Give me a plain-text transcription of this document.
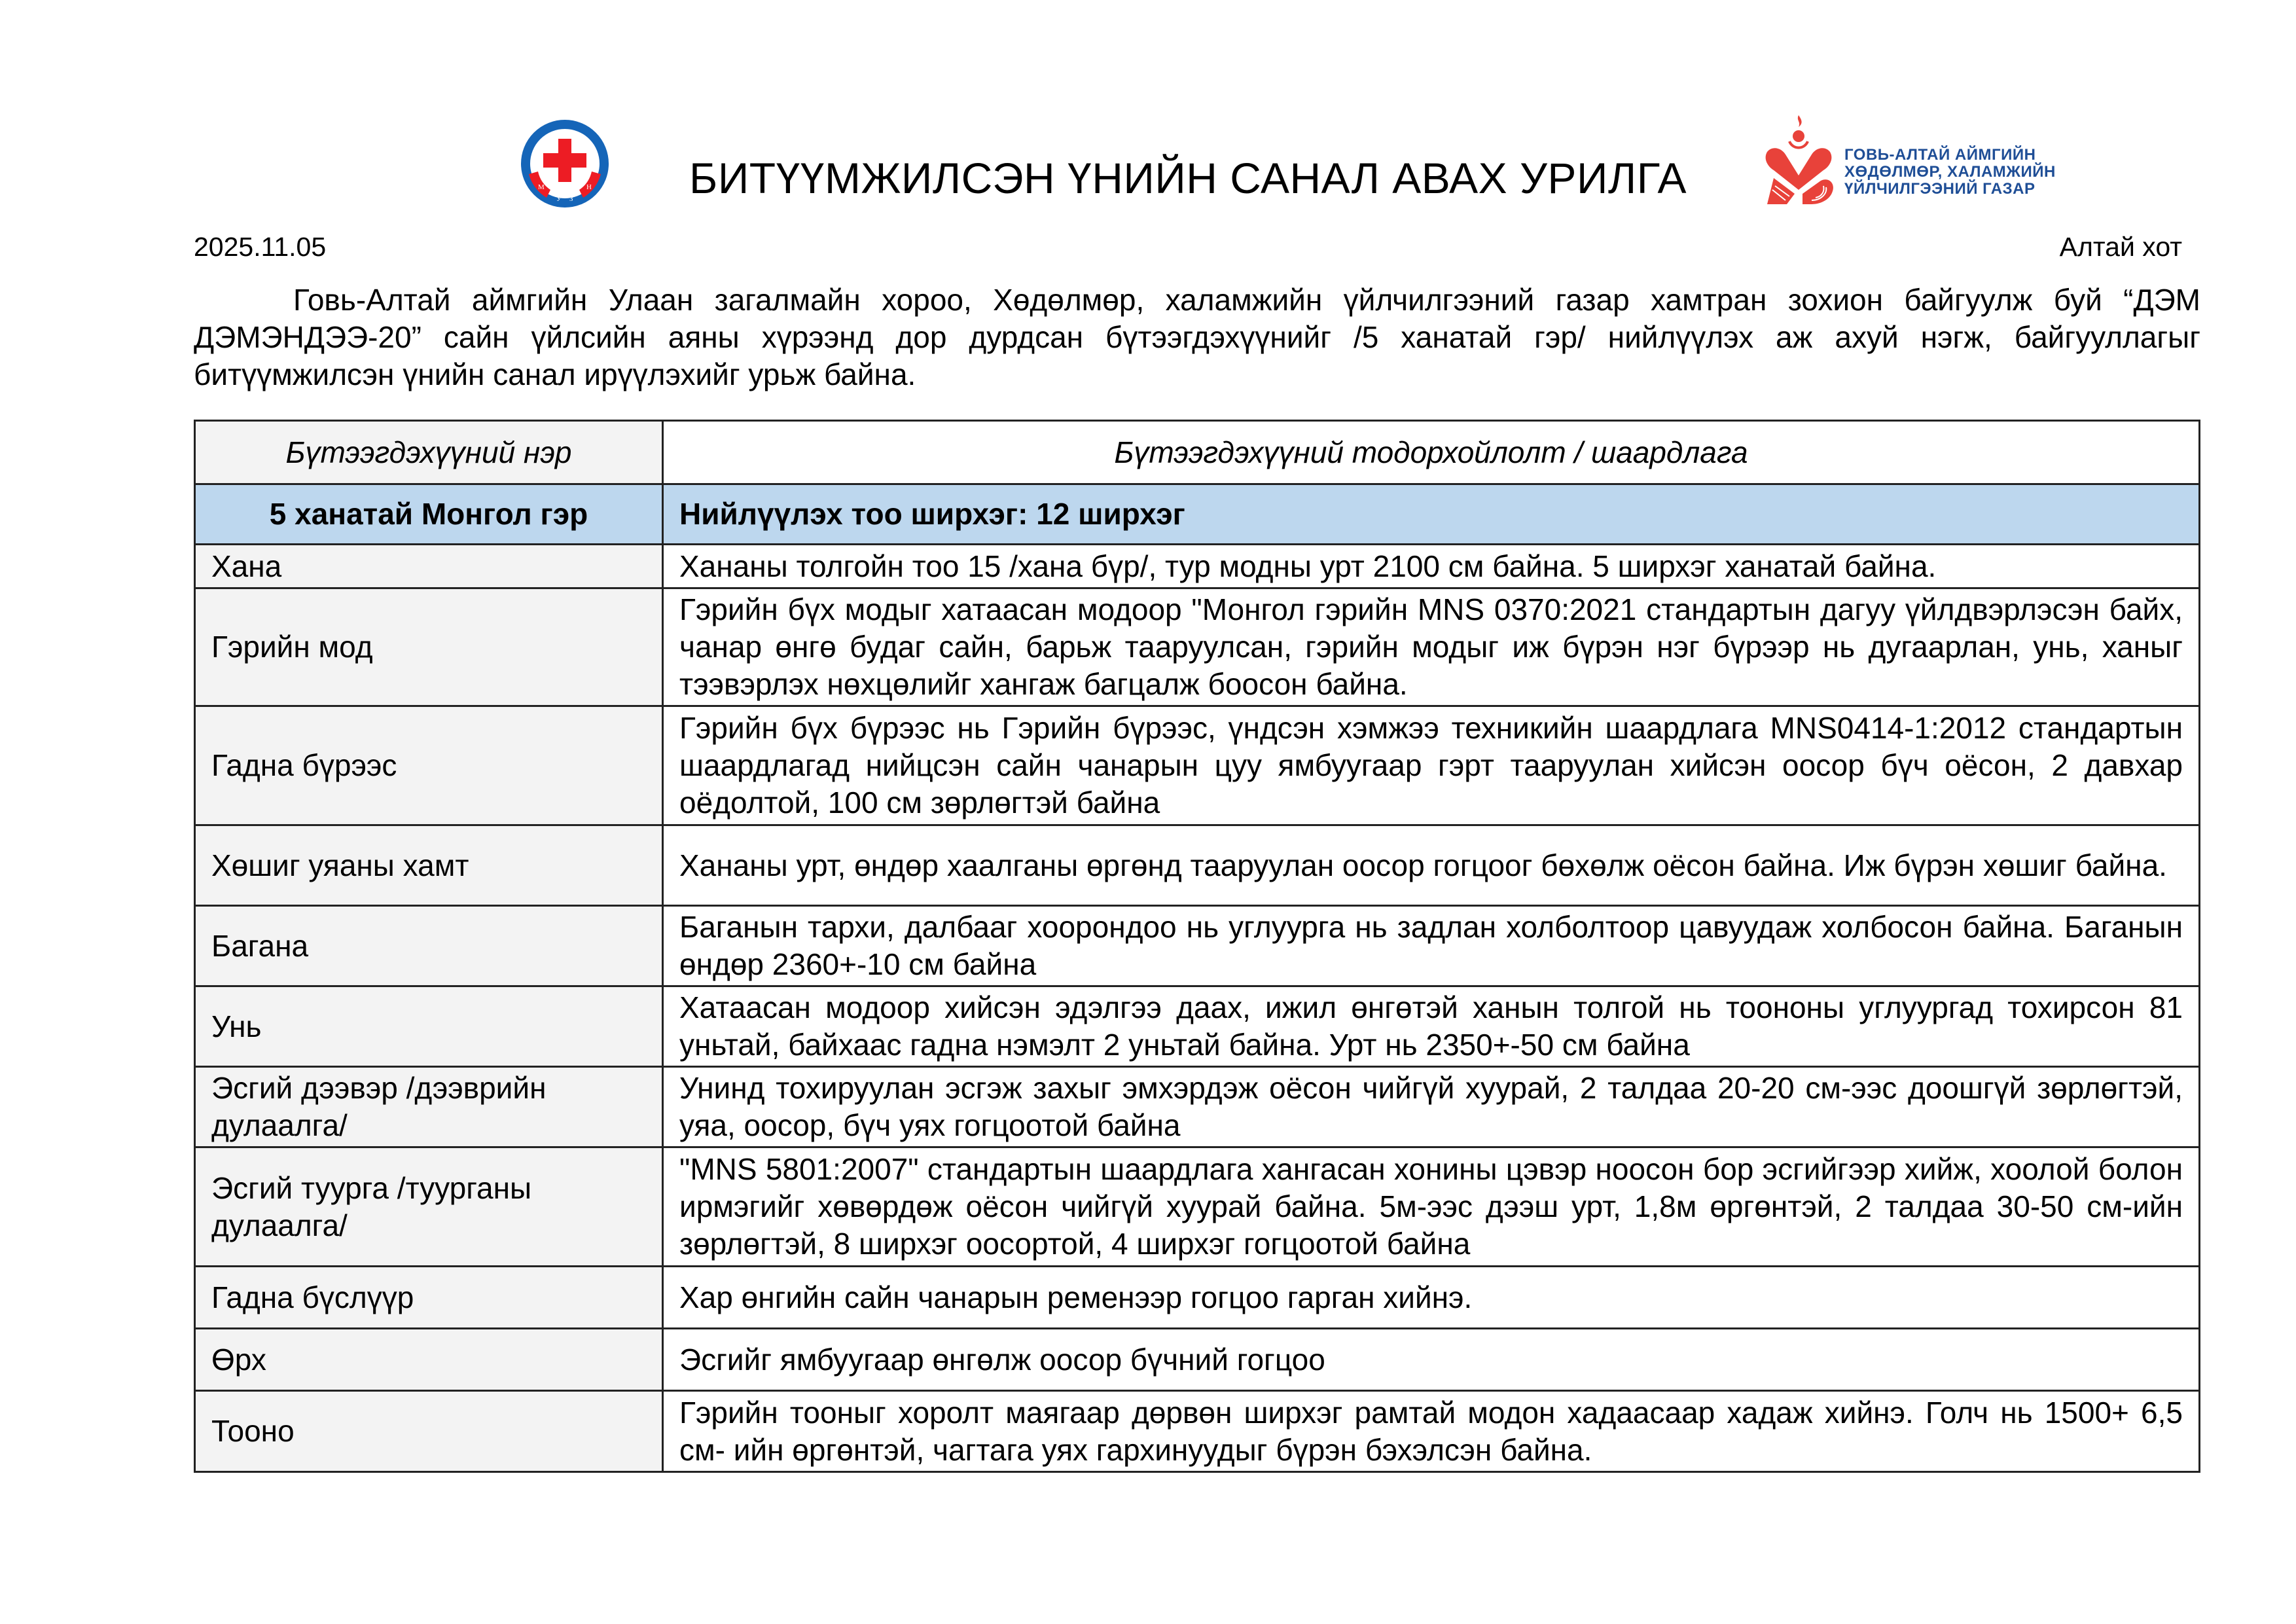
М
У З
Н БИТҮҮМЖИЛСЭН ҮНИЙН САНАЛ АВАХ УРИЛГА	ГОВЬ-АЛТАЙ АЙМГИЙН
ХӨДӨЛМӨР, ХАЛАМЖИЙН
ҮЙЛЧИЛГЭЭНИЙ ГАЗАР
2025.11.05	Алтай хот
Говь-Алтай аймгийн Улаан загалмайн хороо, Хөдөлмөр, халамжийн үйлчилгээний газар хамтран зохион байгуулж буй “ДЭМ ДЭМЭНДЭЭ-20” сайн үйлсийн аяны хүрээнд дор дурдсан бүтээгдэхүүнийг /5 ханатай гэр/ нийлүүлэх аж ахуй нэгж, байгууллагыг битүүмжилсэн үнийн санал ирүүлэхийг урьж байна.
Бүтээгдэхүүний нэр	Бүтээгдэхүүний тодорхойлолт / шаардлага
5 ханатай Монгол гэр	Нийлүүлэх тоо ширхэг: 12 ширхэг
Хана	Хананы толгойн тоо 15 /хана бүр/, тур модны урт 2100 см байна. 5 ширхэг ханатай байна.
Гэрийн мод	Гэрийн бүх модыг хатаасан модоор "Монгол гэрийн MNS 0370:2021 стандартын дагуу үйлдвэрлэсэн байх, чанар өнгө будаг сайн, барьж тааруулсан, гэрийн модыг иж бүрэн нэг бүрээр нь дугаарлан, унь, ханыг тээвэрлэх нөхцөлийг хангаж багцалж боосон байна.
Гадна бүрээс	Гэрийн бүх бүрээс нь Гэрийн бүрээс, үндсэн хэмжээ техникийн шаардлага MNS0414-1:2012 стандартын шаардлагад нийцсэн сайн чанарын цуу ямбуугаар гэрт тааруулан хийсэн оосор бүч оёсон, 2 давхар оёдолтой, 100 см зөрлөгтэй байна
Хөшиг уяаны хамт	Хананы урт, өндөр хаалганы өргөнд тааруулан оосор гогцоог бөхөлж оёсон байна. Иж бүрэн хөшиг байна.
Багана	Баганын тархи, далбааг хоорондоо нь углуурга нь задлан холболтоор цавуудаж холбосон байна. Баганын өндөр 2360+-10 см байна
Унь	Хатаасан модоор хийсэн эдэлгээ даах, ижил өнгөтэй ханын толгой нь тоононы углуургад тохирсон 81 уньтай, байхаас гадна нэмэлт 2 уньтай байна. Урт нь 2350+-50 см байна
Эсгий дээвэр /дээврийн дулаалга/	Унинд тохируулан эсгэж захыг эмхэрдэж оёсон чийгүй хуурай, 2 талдаа 20-20 см-ээс доошгүй зөрлөгтэй, уяа, оосор, бүч уях гогцоотой байна
Эсгий туурга /туурганы дулаалга/	"MNS 5801:2007" стандартын шаардлага хангасан хонины цэвэр ноосон бор эсгийгээр хийж, хоолой болон ирмэгийг хөвөрдөж оёсон чийгүй хуурай байна. 5м-ээс дээш урт, 1,8м өргөнтэй, 2 талдаа 30-50 см-ийн зөрлөгтэй, 8 ширхэг оосортой, 4 ширхэг гогцоотой байна
Гадна бүслүүр	Хар өнгийн сайн чанарын ременээр гогцоо гарган хийнэ.
Өрх	Эсгийг ямбуугаар өнгөлж оосор бүчний гогцоо
Тооно	Гэрийн тооныг хоролт маягаар дөрвөн ширхэг рамтай модон хадаасаар хадаж хийнэ. Голч нь 1500+ 6,5 см- ийн өргөнтэй, чагтага уях гархинуудыг бүрэн бэхэлсэн байна.
